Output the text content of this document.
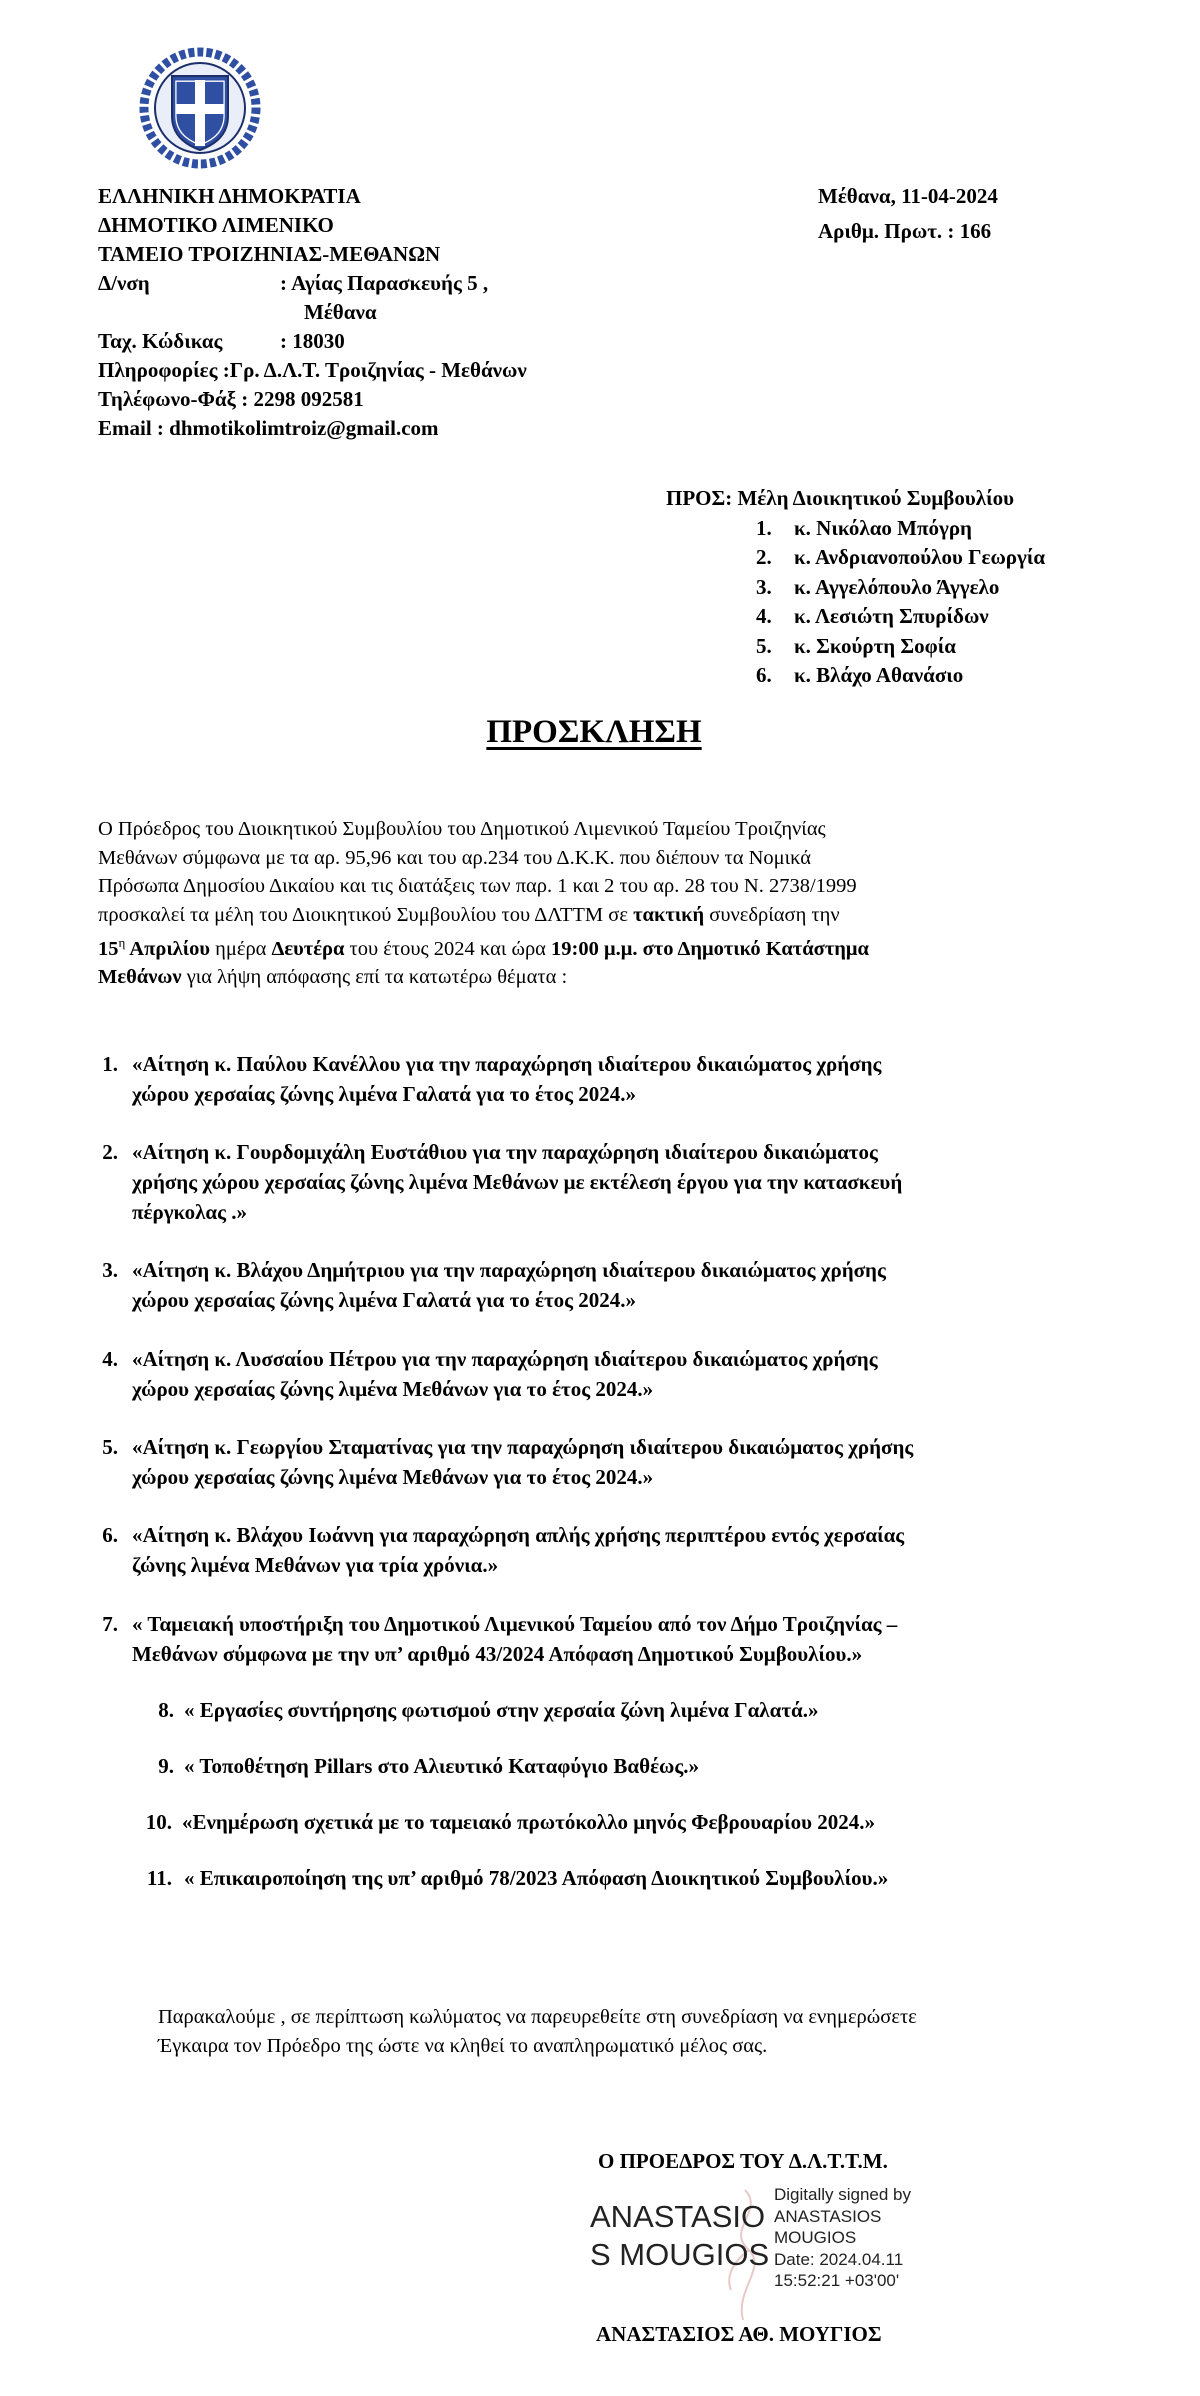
ΕΛΛΗΝΙΚΗ ΔΗΜΟΚΡΑΤΙΑ
ΔΗΜΟΤΙΚΟ ΛΙΜΕΝΙΚΟ
ΤΑΜΕΙΟ ΤΡΟΙΖΗΝΙΑΣ-ΜΕΘΑΝΩΝ
Δ/νση	: Αγίας Παρασκευής 5 ,
Μέθανα
Ταχ. Κώδικας	: 18030
Πληροφορίες :Γρ. Δ.Λ.Τ. Τροιζηνίας - Μεθάνων
Τηλέφωνο-Φάξ : 2298 092581
Email : dhmotikolimtroiz@gmail.com
Μέθανα, 11-04-2024
Αριθμ. Πρωτ. : 166
ΠΡΟΣ: Μέλη Διοικητικού Συμβουλίου
1.	κ. Νικόλαο Μπόγρη
2.	κ. Ανδριανοπούλου Γεωργία
3.	κ. Αγγελόπουλο Άγγελο
4.	κ. Λεσιώτη Σπυρίδων
5.	κ. Σκούρτη Σοφία
6.	κ. Βλάχο Αθανάσιο
ΠΡΟΣΚΛΗΣΗ

Ο Πρόεδρος του Διοικητικού Συμβουλίου του Δημοτικού Λιμενικού Ταμείου Τροιζηνίας

Μεθάνων σύμφωνα με τα αρ. 95,96 και του αρ.234 του Δ.Κ.Κ. που διέπουν τα Νομικά

Πρόσωπα Δημοσίου Δικαίου και τις διατάξεις των παρ. 1 και 2 του αρ. 28 του Ν. 2738/1999

προσκαλεί τα μέλη του Διοικητικού Συμβουλίου του ΔΛΤΤΜ σε τακτική συνεδρίαση την

$15^\eta$ Απριλίου ημέρα Δευτέρα του έτους 2024 και ώρα 19:00 μ.μ. στο Δημοτικό Κατάστημα

Μεθάνων για λήψη απόφασης επί τα κατωτέρω θέματα :

1. «Αίτηση κ. Παύλου Κανέλλου για την παραχώρηση ιδιαίτερου δικαιώματος χρήσης
χώρου χερσαίας ζώνης λιμένα Γαλατά για το έτος 2024.»
2. «Αίτηση κ. Γουρδομιχάλη Ευστάθιου για την παραχώρηση ιδιαίτερου δικαιώματος
χρήσης χώρου χερσαίας ζώνης λιμένα Μεθάνων με εκτέλεση έργου για την κατασκευή
πέργκολας .»
3. «Αίτηση κ. Βλάχου Δημήτριου για την παραχώρηση ιδιαίτερου δικαιώματος χρήσης
χώρου χερσαίας ζώνης λιμένα Γαλατά για το έτος 2024.»
4. «Αίτηση κ. Λυσσαίου Πέτρου για την παραχώρηση ιδιαίτερου δικαιώματος χρήσης
χώρου χερσαίας ζώνης λιμένα Μεθάνων για το έτος 2024.»
5. «Αίτηση κ. Γεωργίου Σταματίνας για την παραχώρηση ιδιαίτερου δικαιώματος χρήσης
χώρου χερσαίας ζώνης λιμένα Μεθάνων για το έτος 2024.»
6. «Αίτηση κ. Βλάχου Ιωάννη για παραχώρηση απλής χρήσης περιπτέρου εντός χερσαίας
ζώνης λιμένα Μεθάνων για τρία χρόνια.»
7. « Ταμειακή υποστήριξη του Δημοτικού Λιμενικού Ταμείου από τον Δήμο Τροιζηνίας –
Μεθάνων σύμφωνα με την υπ’ αριθμό 43/2024 Απόφαση Δημοτικού Συμβουλίου.»
8. « Εργασίες συντήρησης φωτισμού στην χερσαία ζώνη λιμένα Γαλατά.»
9. « Τοποθέτηση Pillars στο Αλιευτικό Καταφύγιο Βαθέως.»
10. «Ενημέρωση σχετικά με το ταμειακό πρωτόκολλο μηνός Φεβρουαρίου 2024.»
11. « Επικαιροποίηση της υπ’ αριθμό 78/2023 Απόφαση Διοικητικού Συμβουλίου.»

Παρακαλούμε , σε περίπτωση κωλύματος να παρευρεθείτε στη συνεδρίαση να ενημερώσετε

Έγκαιρα τον Πρόεδρο της ώστε να κληθεί το αναπληρωματικό μέλος σας.

Ο ΠΡΟΕΔΡΟΣ ΤΟΥ Δ.Λ.Τ.Τ.Μ.
ANASTASIO
S MOUGIOS
Digitally signed by
ANASTASIOS
MOUGIOS
Date: 2024.04.11
15:52:21 +03'00'
ΑΝΑΣΤΑΣΙΟΣ ΑΘ. ΜΟΥΓΙΟΣ
